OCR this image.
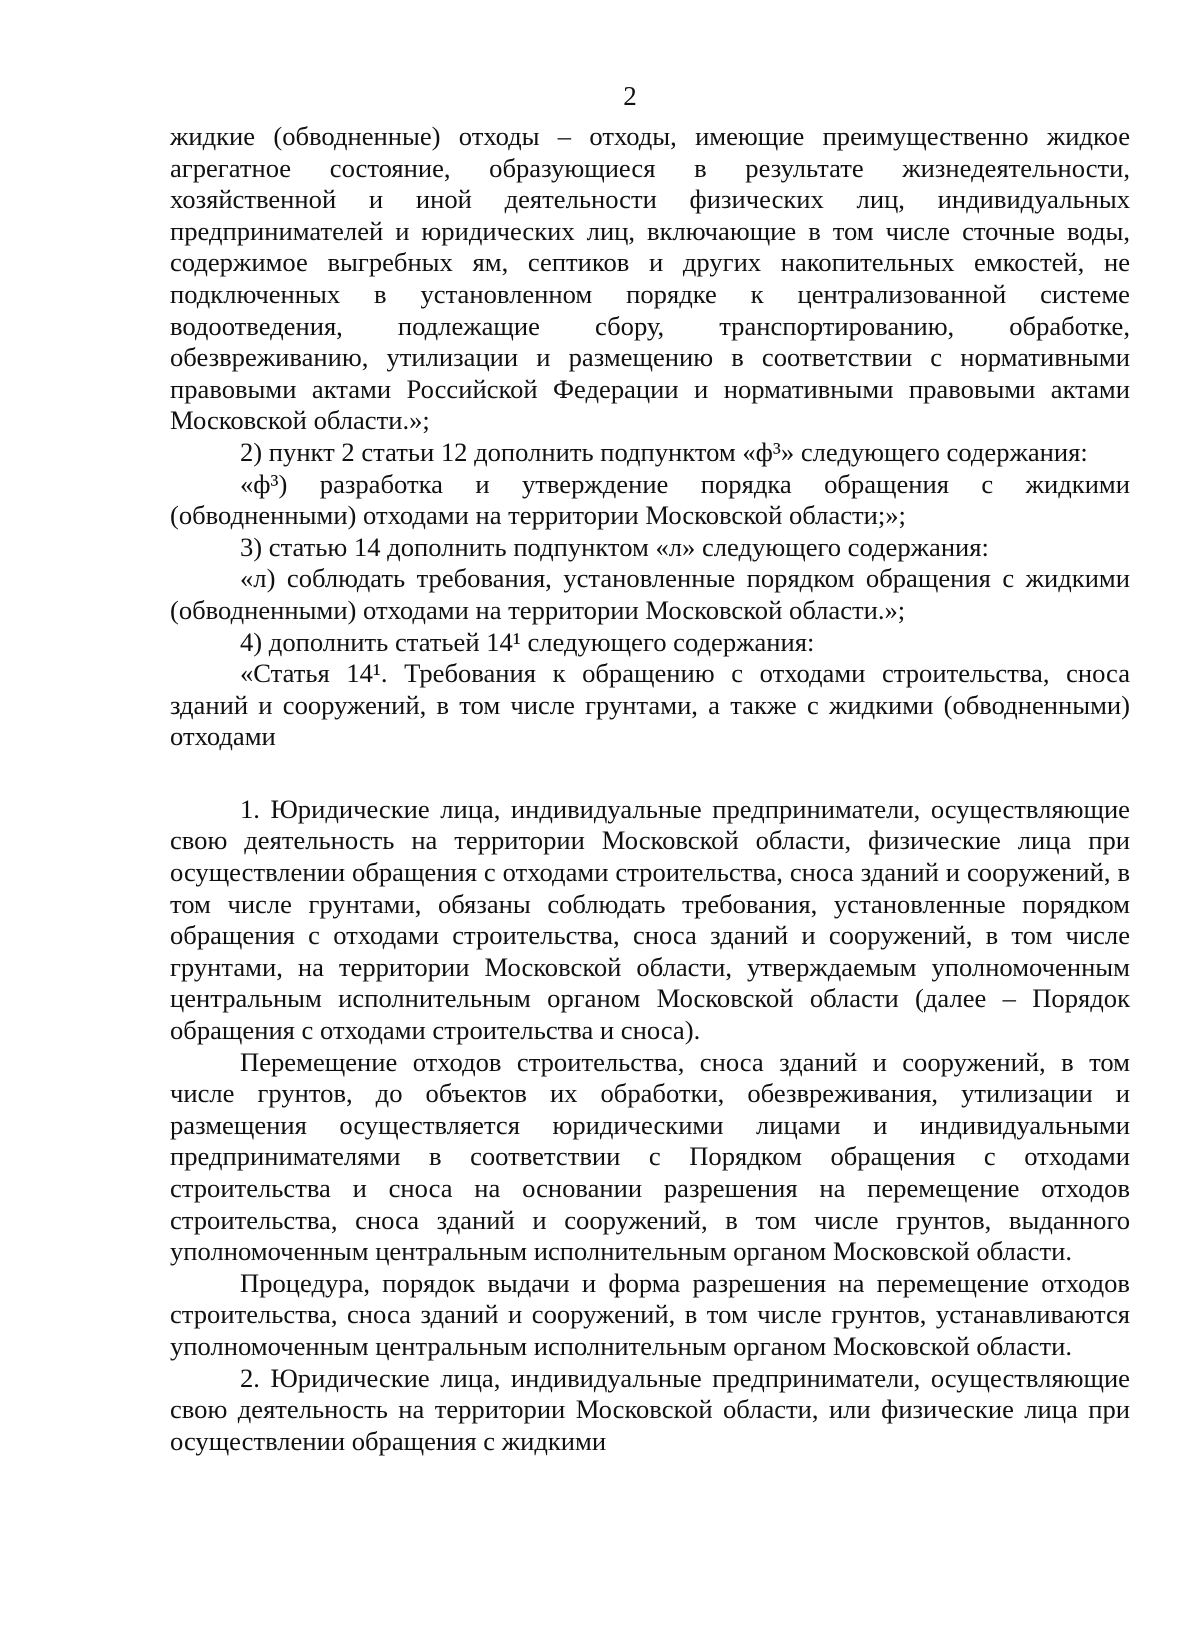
2

жидкие (обводненные) отходы – отходы, имеющие преимущественно жидкое агрегатное состояние, образующиеся в результате жизнедеятельности, хозяйственной и иной деятельности физических лиц, индивидуальных предпринимателей и юридических лиц, включающие в том числе сточные воды, содержимое выгребных ям, септиков и других накопительных емкостей, не подключенных в установленном порядке к централизованной системе водоотведения, подлежащие сбору, транспортированию, обработке, обезвреживанию, утилизации и размещению в соответствии с нормативными правовыми актами Российской Федерации и нормативными правовыми актами Московской области.»;

2) пункт 2 статьи 12 дополнить подпунктом «ф³» следующего содержания:

«ф³) разработка и утверждение порядка обращения с жидкими (обводненными) отходами на территории Московской области;»;

3) статью 14 дополнить подпунктом «л» следующего содержания:

«л) соблюдать требования, установленные порядком обращения с жидкими (обводненными) отходами на территории Московской области.»;

4) дополнить статьей 14¹ следующего содержания:

«Статья 14¹. Требования к обращению с отходами строительства, сноса зданий и сооружений, в том числе грунтами, а также с жидкими (обводненными) отходами

1. Юридические лица, индивидуальные предприниматели, осуществляющие свою деятельность на территории Московской области, физические лица при осуществлении обращения с отходами строительства, сноса зданий и сооружений, в том числе грунтами, обязаны соблюдать требования, установленные порядком обращения с отходами строительства, сноса зданий и сооружений, в том числе грунтами, на территории Московской области, утверждаемым уполномоченным центральным исполнительным органом Московской области (далее – Порядок обращения с отходами строительства и сноса).

Перемещение отходов строительства, сноса зданий и сооружений, в том числе грунтов, до объектов их обработки, обезвреживания, утилизации и размещения осуществляется юридическими лицами и индивидуальными предпринимателями в соответствии с Порядком обращения с отходами строительства и сноса на основании разрешения на перемещение отходов строительства, сноса зданий и сооружений, в том числе грунтов, выданного уполномоченным центральным исполнительным органом Московской области.

Процедура, порядок выдачи и форма разрешения на перемещение отходов строительства, сноса зданий и сооружений, в том числе грунтов, устанавливаются уполномоченным центральным исполнительным органом Московской области.

2. Юридические лица, индивидуальные предприниматели, осуществляющие свою деятельность на территории Московской области, или физические лица при осуществлении обращения с жидкими
